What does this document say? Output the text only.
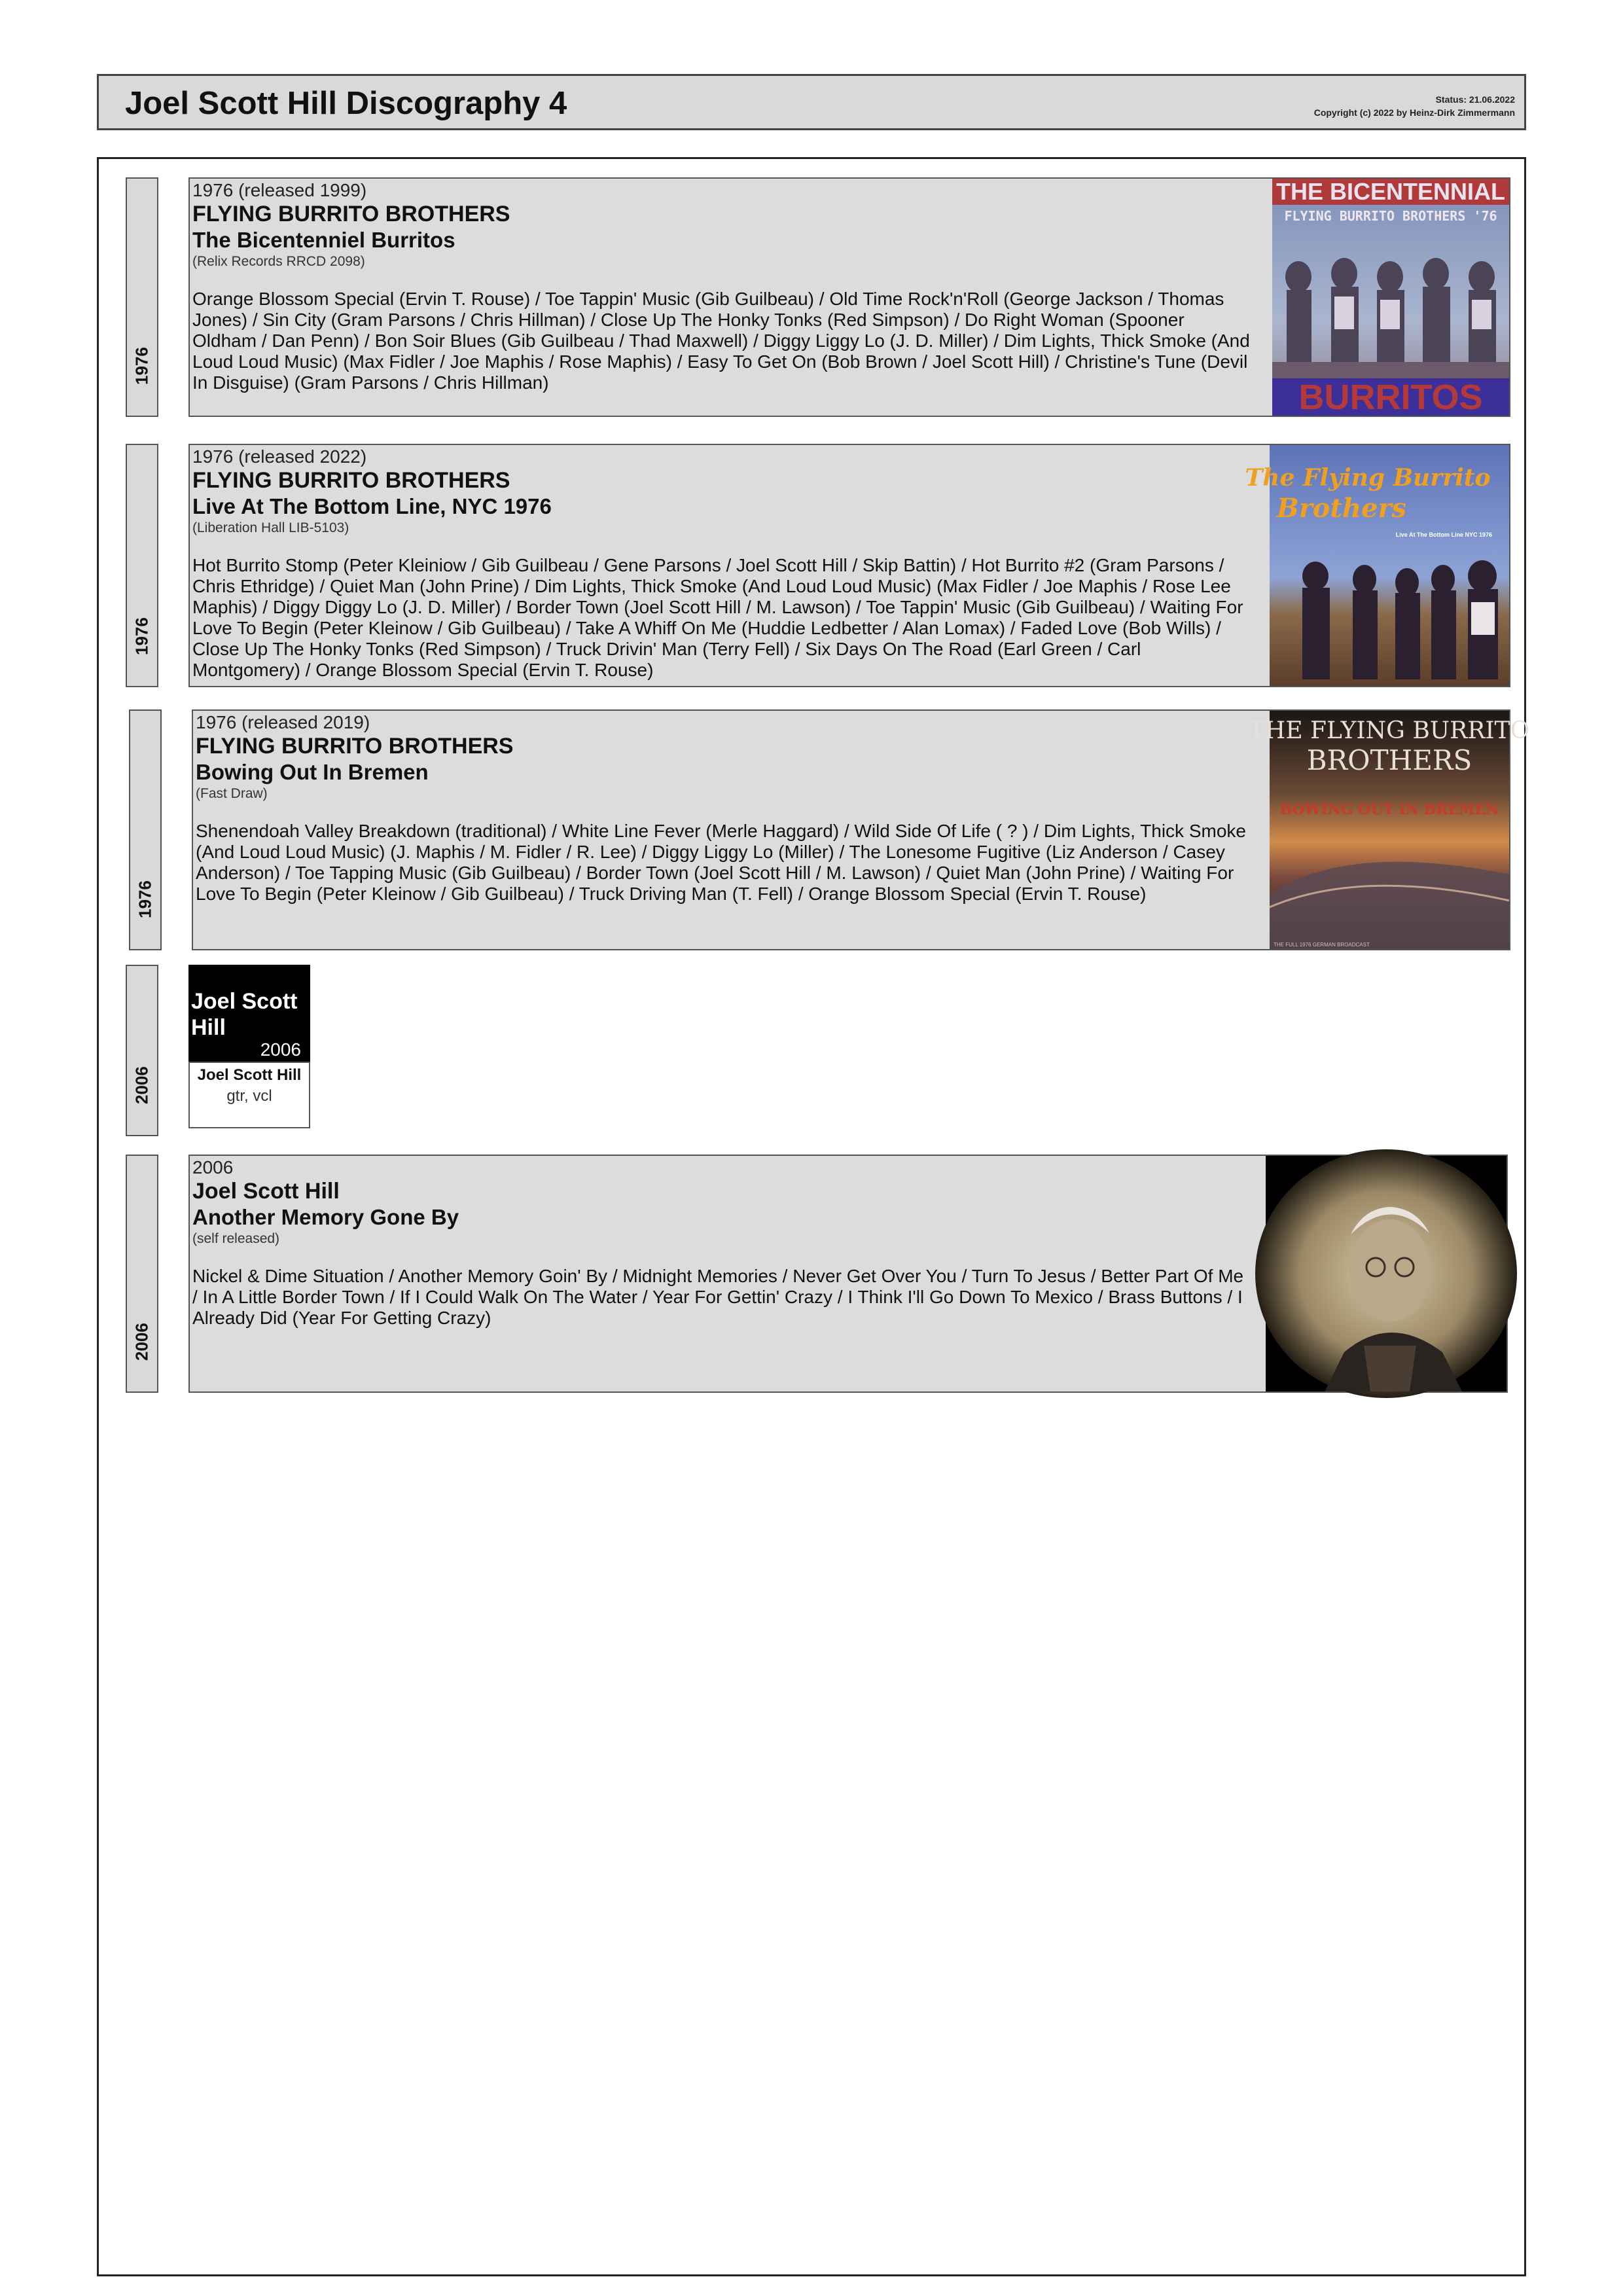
Joel Scott Hill Discography 4	Status: 21.06.2022
Copyright (c) 2022 by Heinz-Dirk Zimmermann
1976
1976 (released 1999)
FLYING BURRITO BROTHERS
The Bicentenniel Burritos
(Relix Records RRCD 2098)
Orange Blossom Special (Ervin T. Rouse) / Toe Tappin' Music (Gib Guilbeau) / Old Time Rock'n'Roll (George Jackson / Thomas Jones) / Sin City (Gram Parsons / Chris Hillman) / Close Up The Honky Tonks (Red Simpson) / Do Right Woman (Spooner Oldham / Dan Penn) / Bon Soir Blues (Gib Guilbeau / Thad Maxwell) / Diggy Liggy Lo (J. D. Miller) / Dim Lights, Thick Smoke (And Loud Loud Music) (Max Fidler / Joe Maphis / Rose Maphis) / Easy To Get On (Bob Brown / Joel Scott Hill) / Christine's Tune (Devil In Disguise) (Gram Parsons / Chris Hillman)
THE BICENTENNIAL
FLYING BURRITO BROTHERS '76
BURRITOS
1976
1976 (released 2022)
FLYING BURRITO BROTHERS
Live At The Bottom Line, NYC 1976
(Liberation Hall LIB-5103)
Hot Burrito Stomp (Peter Kleiniow / Gib Guilbeau / Gene Parsons / Joel Scott Hill / Skip Battin) / Hot Burrito #2 (Gram Parsons / Chris Ethridge) / Quiet Man (John Prine) / Dim Lights, Thick Smoke (And Loud Loud Music) (Max Fidler / Joe Maphis / Rose Lee Maphis) / Diggy Diggy Lo (J. D. Miller) / Border Town (Joel Scott Hill / M. Lawson) / Toe Tappin' Music (Gib Guilbeau) / Waiting For Love To Begin (Peter Kleinow / Gib Guilbeau) / Take A Whiff On Me (Huddie Ledbetter / Alan Lomax) / Faded Love (Bob Wills) / Close Up The Honky Tonks (Red Simpson) / Truck Drivin' Man (Terry Fell) / Six Days On The Road (Earl Green / Carl Montgomery) / Orange Blossom Special (Ervin T. Rouse)
The Flying Burrito
Brothers
Live At The Bottom Line NYC 1976
1976
1976 (released 2019)
FLYING BURRITO BROTHERS
Bowing Out In Bremen
(Fast Draw)
Shenendoah Valley Breakdown (traditional) / White Line Fever (Merle Haggard) / Wild Side Of Life ( ? ) / Dim Lights, Thick Smoke (And Loud Loud Music) (J. Maphis / M. Fidler / R. Lee) / Diggy Liggy Lo (Miller) / The Lonesome Fugitive (Liz Anderson / Casey Anderson) / Toe Tapping Music (Gib Guilbeau) / Border Town (Joel Scott Hill / M. Lawson) / Quiet Man (John Prine) / Waiting For Love To Begin (Peter Kleinow / Gib Guilbeau) / Truck Driving Man (T. Fell) / Orange Blossom Special (Ervin T. Rouse)
THE FLYING BURRITO
BROTHERS
BOWING OUT IN BREMEN
THE FULL 1976 GERMAN BROADCAST
2006
Joel Scott Hill
2006
Joel Scott Hill
gtr, vcl
2006
2006
Joel Scott Hill
Another Memory Gone By
(self released)
Nickel & Dime Situation / Another Memory Goin' By / Midnight Memories / Never Get Over You / Turn To Jesus / Better Part Of Me / In A Little Border Town / If I Could Walk On The Water / Year For Gettin' Crazy / I Think I'll Go Down To Mexico / Brass Buttons / I Already Did (Year For Getting Crazy)
